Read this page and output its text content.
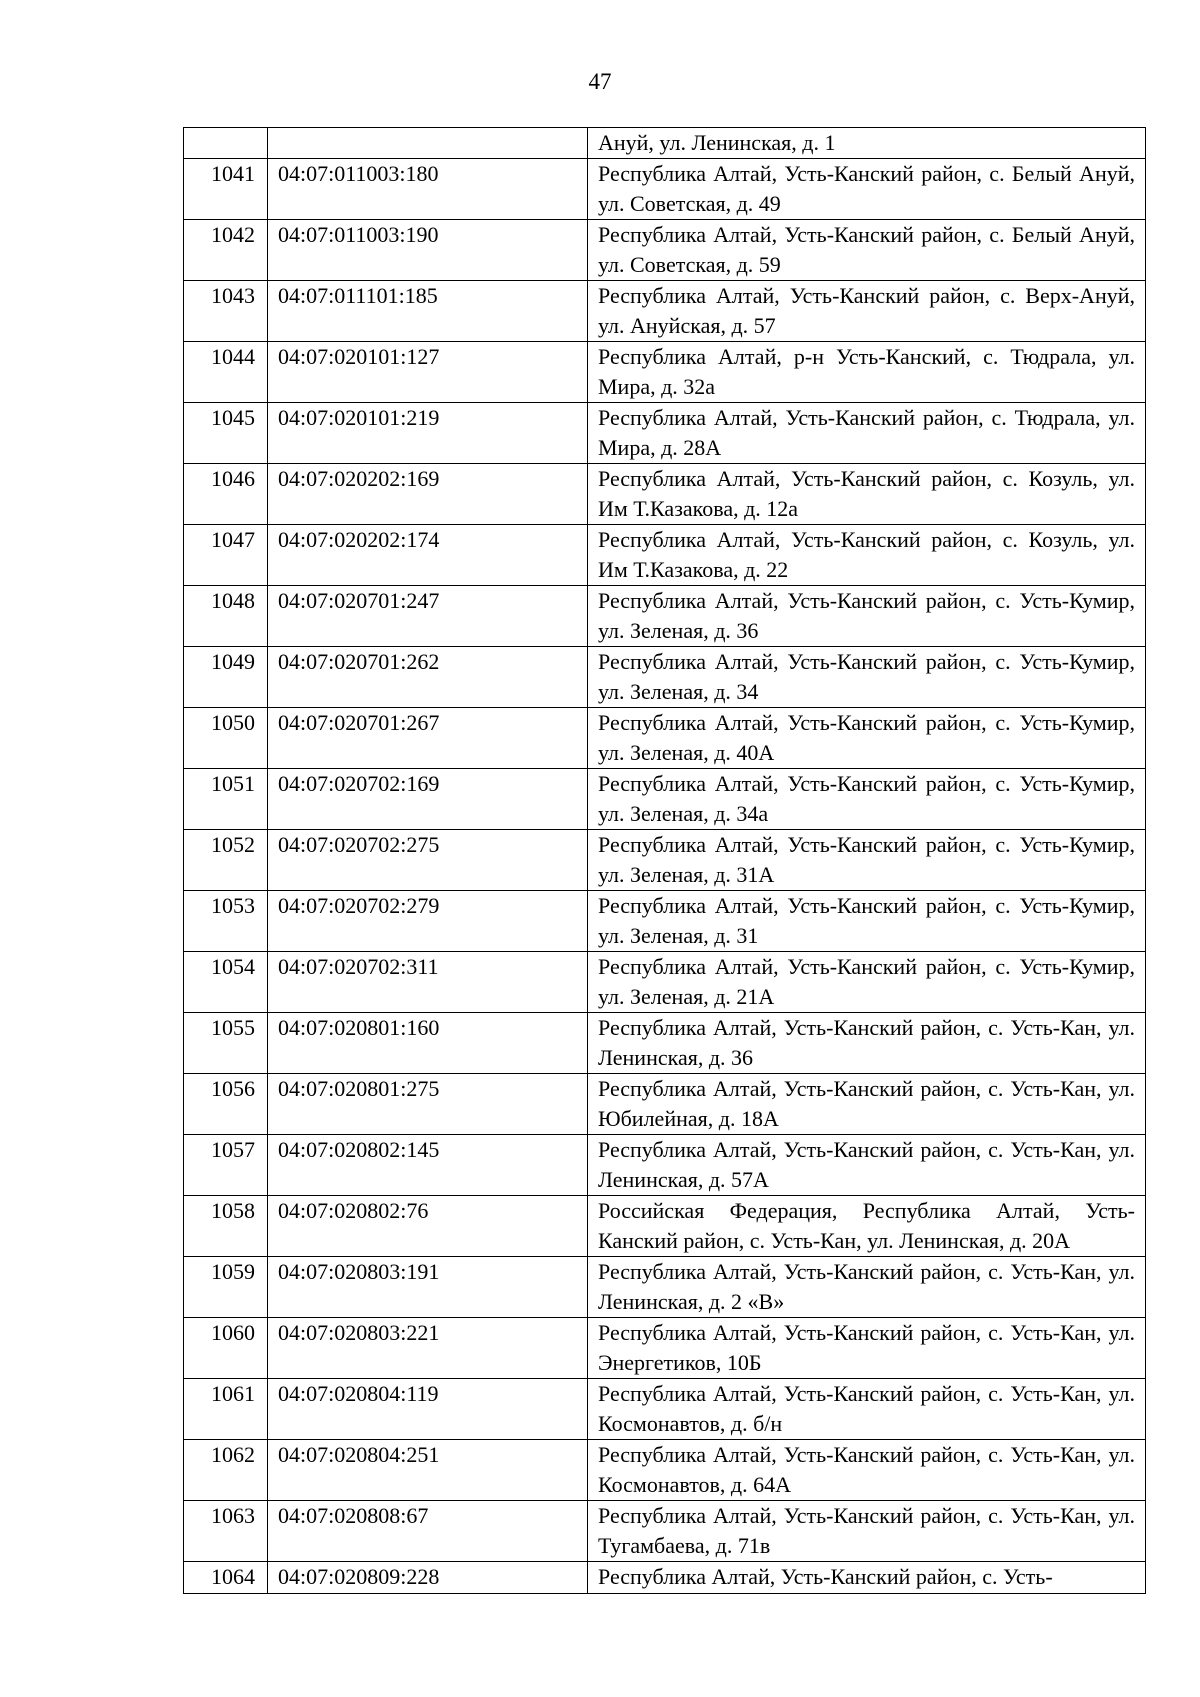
47
		Ануй, ул. Ленинская, д. 1
1041	04:07:011003:180	Республика Алтай, Усть-Канский район, с. Белый Ануй, ул. Советская, д. 49
1042	04:07:011003:190	Республика Алтай, Усть-Канский район, с. Белый Ануй, ул. Советская, д. 59
1043	04:07:011101:185	Республика Алтай, Усть-Канский район, с. Верх-Ануй, ул. Ануйская, д. 57
1044	04:07:020101:127	Республика Алтай, р-н Усть-Канский, с. Тюдрала, ул. Мира, д. 32а
1045	04:07:020101:219	Республика Алтай, Усть-Канский район, с. Тюдрала, ул. Мира, д. 28А
1046	04:07:020202:169	Республика Алтай, Усть-Канский район, с. Козуль, ул. Им Т.Казакова, д. 12а
1047	04:07:020202:174	Республика Алтай, Усть-Канский район, с. Козуль, ул. Им Т.Казакова, д. 22
1048	04:07:020701:247	Республика Алтай, Усть-Канский район, с. Усть-Кумир, ул. Зеленая, д. 36
1049	04:07:020701:262	Республика Алтай, Усть-Канский район, с. Усть-Кумир, ул. Зеленая, д. 34
1050	04:07:020701:267	Республика Алтай, Усть-Канский район, с. Усть-Кумир, ул. Зеленая, д. 40А
1051	04:07:020702:169	Республика Алтай, Усть-Канский район, с. Усть-Кумир, ул. Зеленая, д. 34а
1052	04:07:020702:275	Республика Алтай, Усть-Канский район, с. Усть-Кумир, ул. Зеленая, д. 31А
1053	04:07:020702:279	Республика Алтай, Усть-Канский район, с. Усть-Кумир, ул. Зеленая, д. 31
1054	04:07:020702:311	Республика Алтай, Усть-Канский район, с. Усть-Кумир, ул. Зеленая, д. 21А
1055	04:07:020801:160	Республика Алтай, Усть-Канский район, с. Усть-Кан, ул. Ленинская, д. 36
1056	04:07:020801:275	Республика Алтай, Усть-Канский район, с. Усть-Кан, ул. Юбилейная, д. 18А
1057	04:07:020802:145	Республика Алтай, Усть-Канский район, с. Усть-Кан, ул. Ленинская, д. 57А
1058	04:07:020802:76	Российская Федерация, Республика Алтай, Усть-Канский район, с. Усть-Кан, ул. Ленинская, д. 20А
1059	04:07:020803:191	Республика Алтай, Усть-Канский район, с. Усть-Кан, ул. Ленинская, д. 2 «В»
1060	04:07:020803:221	Республика Алтай, Усть-Канский район, с. Усть-Кан, ул. Энергетиков, 10Б
1061	04:07:020804:119	Республика Алтай, Усть-Канский район, с. Усть-Кан, ул. Космонавтов, д. б/н
1062	04:07:020804:251	Республика Алтай, Усть-Канский район, с. Усть-Кан, ул. Космонавтов, д. 64А
1063	04:07:020808:67	Республика Алтай, Усть-Канский район, с. Усть-Кан, ул. Тугамбаева, д. 71в
1064	04:07:020809:228	Республика Алтай, Усть-Канский район, с. Усть-
